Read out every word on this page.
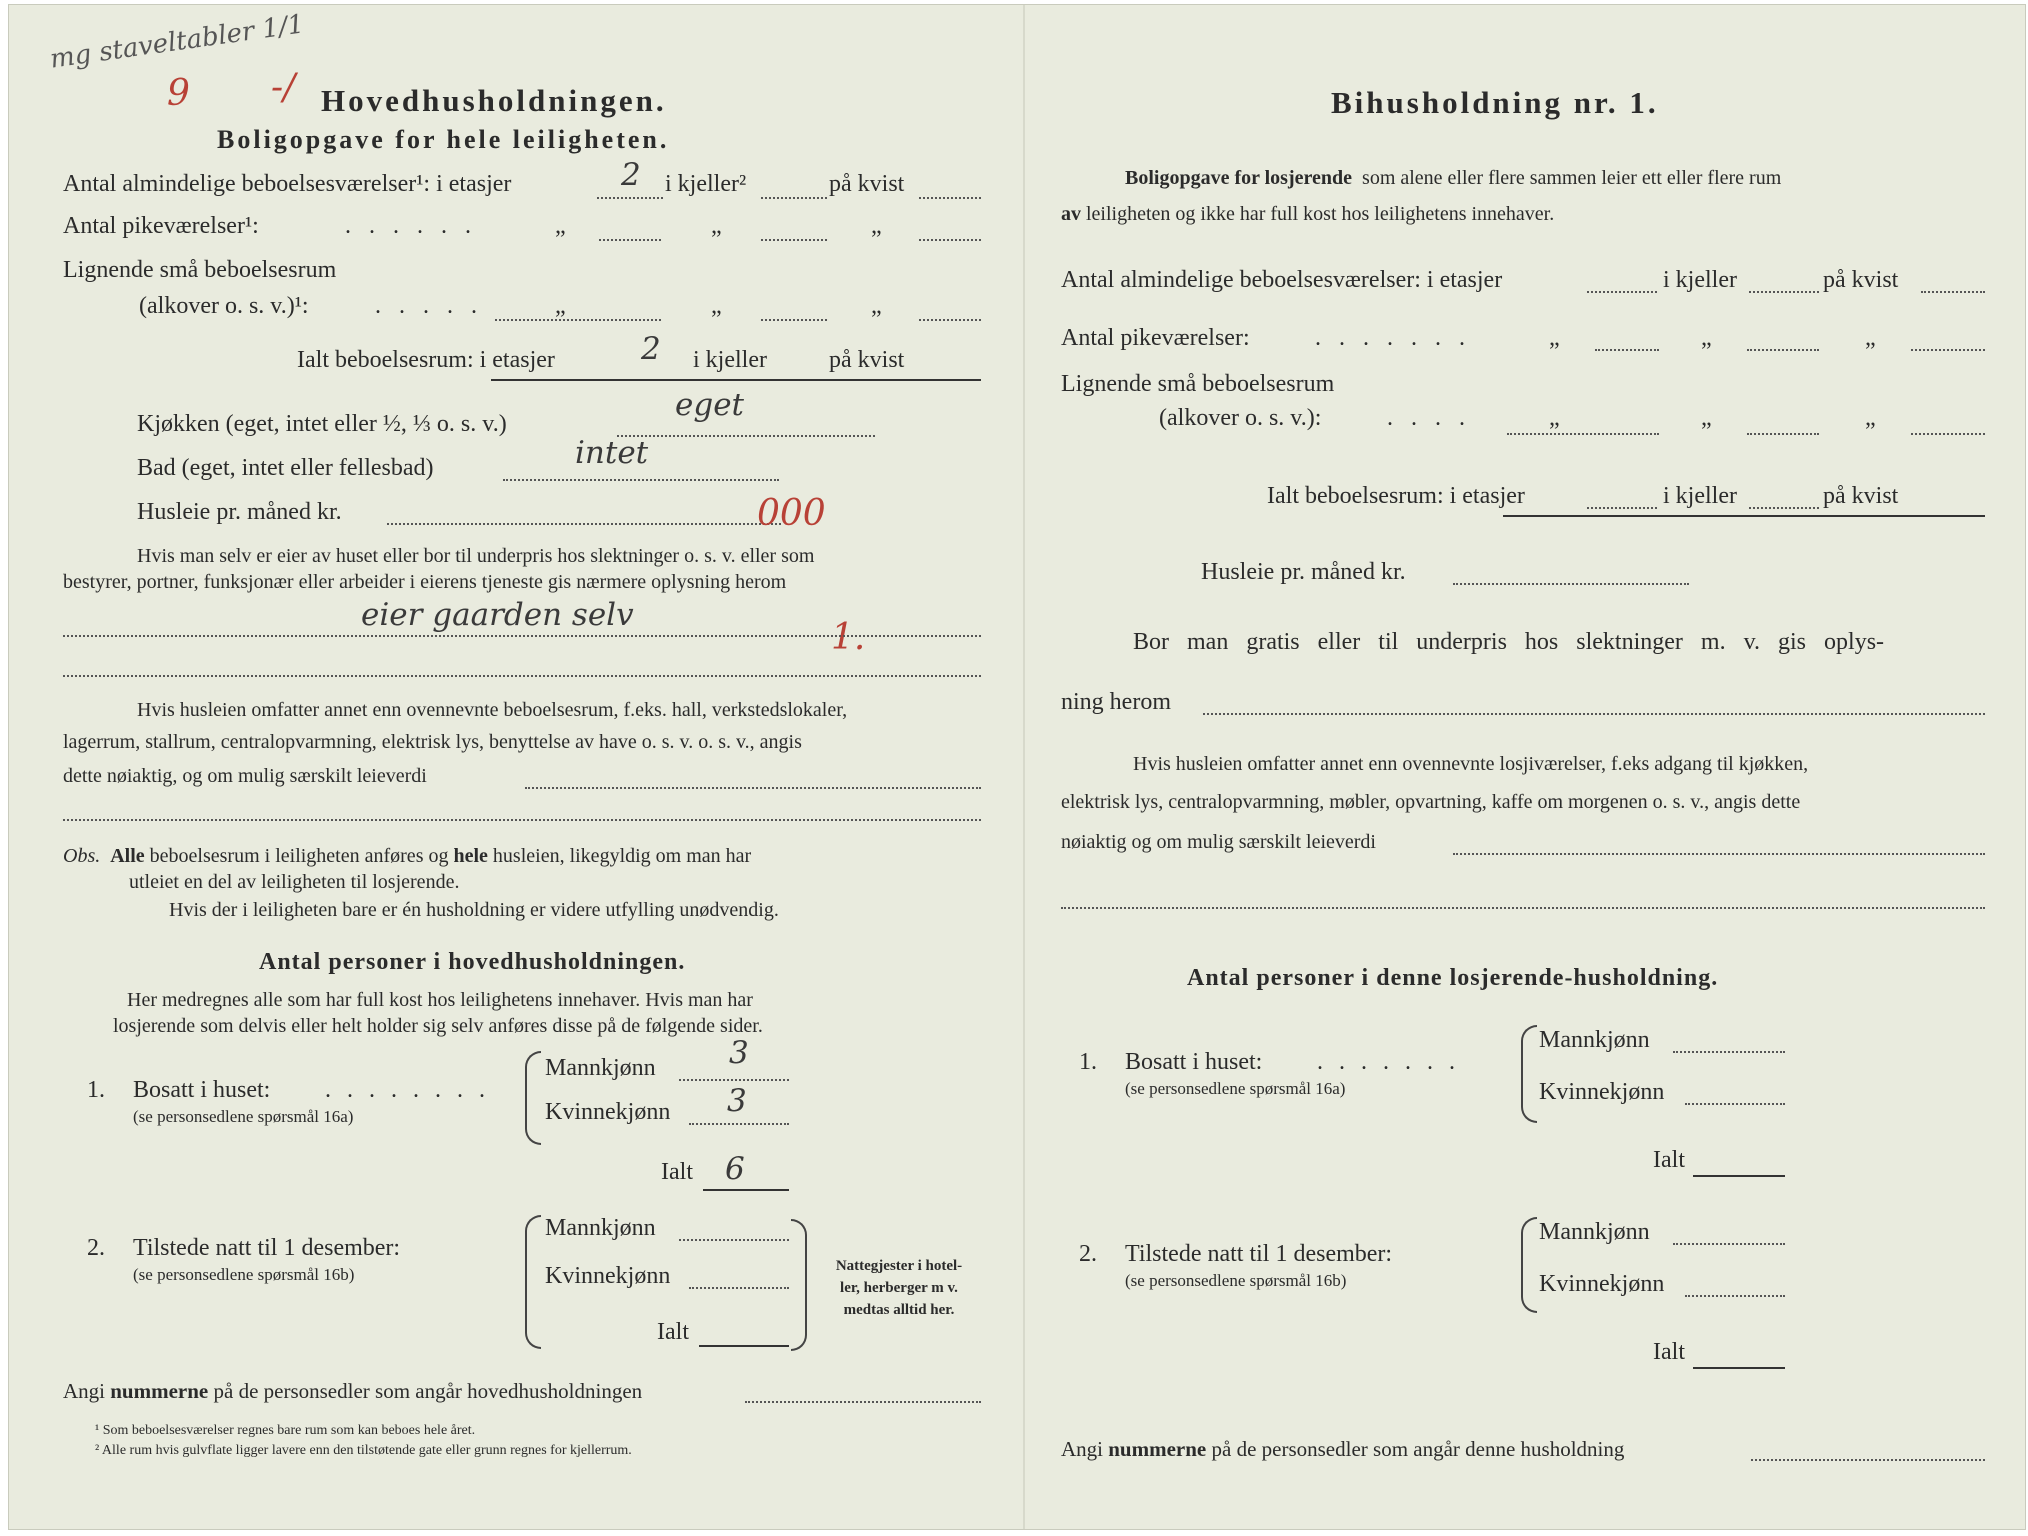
mg staveltabler 1/1
9 -/ Hovedhusholdningen.
Boligopgave for hele leiligheten.
Antal almindelige beboelsesværelser¹: i etasjer	2 i kjeller²	på kvist
Antal pikeværelser¹:	. . . . . .	„	„	„
Lignende små beboelsesrum
(alkover o. s. v.)¹:	. . . . .	„	„	„
Ialt beboelsesrum: i etasjer	2 i kjeller	på kvist
Kjøkken (eget, intet eller ½, ⅓ o. s. v.)
eget
Bad (eget, intet eller fellesbad)	intet
Husleie pr. måned kr.	000
Hvis man selv er eier av huset eller bor til underpris hos slektninger o. s. v. eller som
bestyrer, portner, funksjonær eller arbeider i eierens tjeneste gis nærmere oplysning herom
eier gaarden selv
1.
Hvis husleien omfatter annet enn ovennevnte beboelsesrum, f.eks. hall, verkstedslokaler,
lagerrum, stallrum, centralopvarmning, elektrisk lys, benyttelse av have o. s. v. o. s. v., angis
dette nøiaktig, og om mulig særskilt leieverdi
Obs. Alle beboelsesrum i leiligheten anføres og hele husleien, likegyldig om man har
utleiet en del av leiligheten til losjerende.
Hvis der i leiligheten bare er én husholdning er videre utfylling unødvendig.
Antal personer i hovedhusholdningen.
Her medregnes alle som har full kost hos leilighetens innehaver. Hvis man har
losjerende som delvis eller helt holder sig selv anføres disse på de følgende sider.
1. Bosatt i huset: . . . . . . . .
(se personsedlene spørsmål 16a)
Mannkjønn 3
Kvinnekjønn 3
Ialt 6
2. Tilstede natt til 1 desember:
(se personsedlene spørsmål 16b)
Mannkjønn
Kvinnekjønn
Ialt
Nattegjester i hotel-
ler, herberger m v.
medtas alltid her.
Angi nummerne på de personsedler som angår hovedhusholdningen
¹ Som beboelsesværelser regnes bare rum som kan beboes hele året.
² Alle rum hvis gulvflate ligger lavere enn den tilstøtende gate eller grunn regnes for kjellerrum.
Bihusholdning nr. 1.
Boligopgave for losjerende som alene eller flere sammen leier ett eller flere rum
av leiligheten og ikke har full kost hos leilighetens innehaver.
Antal almindelige beboelsesværelser: i etasjer	i kjeller	på kvist
Antal pikeværelser:	. . . . . . .	„	„	„
Lignende små beboelsesrum
(alkover o. s. v.):	. . . .	„	„	„
Ialt beboelsesrum: i etasjer	i kjeller	på kvist
Husleie pr. måned kr.
Bor man gratis eller til underpris hos slektninger m. v. gis oplys-
ning herom
Hvis husleien omfatter annet enn ovennevnte losjiværelser, f.eks adgang til kjøkken,
elektrisk lys, centralopvarmning, møbler, opvartning, kaffe om morgenen o. s. v., angis dette
nøiaktig og om mulig særskilt leieverdi
Antal personer i denne losjerende-husholdning.
1. Bosatt i huset: . . . . . . .
(se personsedlene spørsmål 16a)
Mannkjønn
Kvinnekjønn
Ialt
2. Tilstede natt til 1 desember:
(se personsedlene spørsmål 16b)
Mannkjønn
Kvinnekjønn
Ialt
Angi nummerne på de personsedler som angår denne husholdning
